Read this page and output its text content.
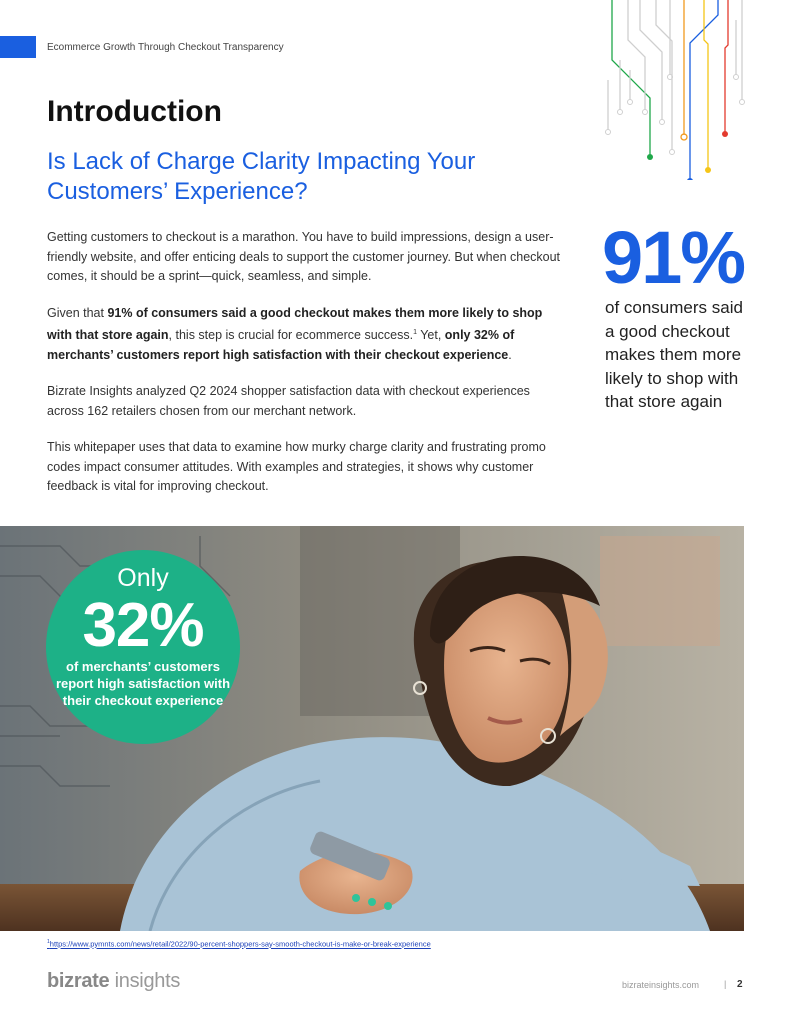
Ecommerce Growth Through Checkout Transparency
Introduction
Is Lack of Charge Clarity Impacting Your Customers’ Experience?

Getting customers to checkout is a marathon. You have to build impressions, design a user-friendly website, and offer enticing deals to support the customer journey. But when checkout comes, it should be a sprint—quick, seamless, and simple.

Given that 91% of consumers said a good checkout makes them more likely to shop with that store again, this step is crucial for ecommerce success.$^1$ Yet, only 32% of merchants’ customers report high satisfaction with their checkout experience.

Bizrate Insights analyzed Q2 2024 shopper satisfaction data with checkout experiences across 162 retailers chosen from our merchant network.

This whitepaper uses that data to examine how murky charge clarity and frustrating promo codes impact consumer attitudes. With examples and strategies, it shows why customer feedback is vital for improving checkout.

91%
of consumers said a good checkout makes them more likely to shop with that store again
Only
32%
of merchants’ customers report high satisfaction with their checkout experience
$^1$https://www.pymnts.com/news/retail/2022/90-percent-shoppers-say-smooth-checkout-is-make-or-break-experience
bizrate insights	bizrateinsights.com	| 2
